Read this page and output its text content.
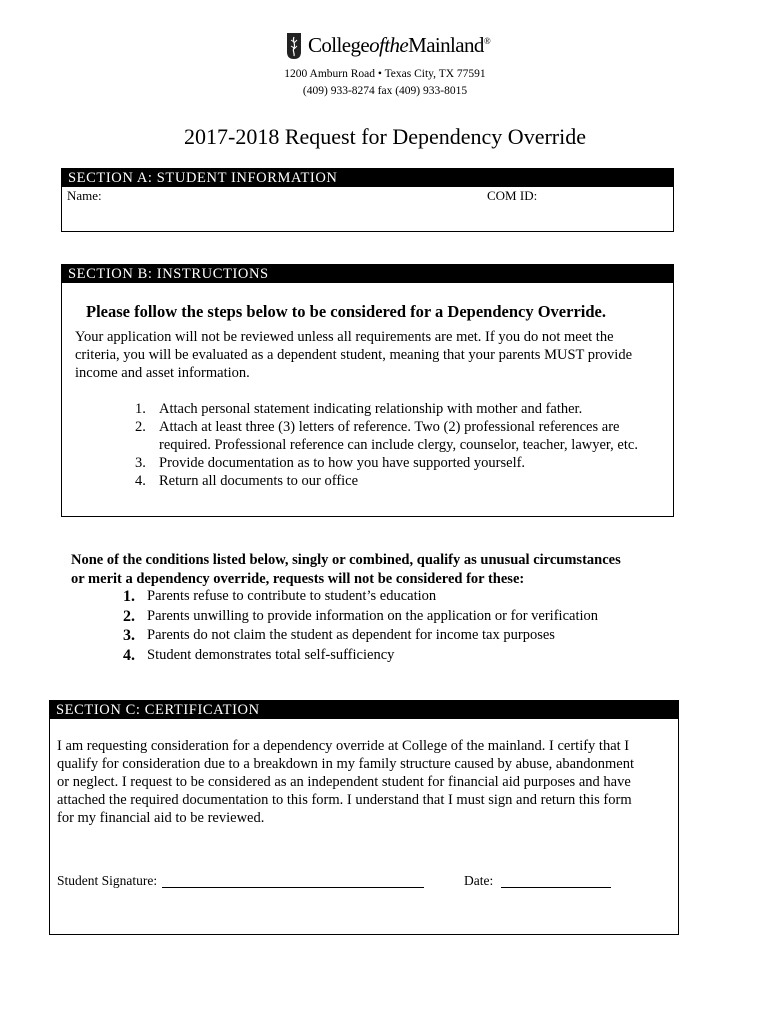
CollegeoftheMainland®
1200 Amburn Road • Texas City, TX 77591
(409) 933-8274 fax (409) 933-8015
2017-2018 Request for Dependency Override
SECTION A: STUDENT INFORMATION
Name:	COM ID:
SECTION B: INSTRUCTIONS
Please follow the steps below to be considered for a Dependency Override.
Your application will not be reviewed unless all requirements are met. If you do not meet the
criteria, you will be evaluated as a dependent student, meaning that your parents MUST provide
income and asset information.
1. Attach personal statement indicating relationship with mother and father.
2. Attach at least three (3) letters of reference. Two (2) professional references are required. Professional reference can include clergy, counselor, teacher, lawyer, etc.
3. Provide documentation as to how you have supported yourself.
4. Return all documents to our office
None of the conditions listed below, singly or combined, qualify as unusual circumstances
or merit a dependency override, requests will not be considered for these:
1. Parents refuse to contribute to student’s education
2. Parents unwilling to provide information on the application or for verification
3. Parents do not claim the student as dependent for income tax purposes
4. Student demonstrates total self-sufficiency
SECTION C: CERTIFICATION
I am requesting consideration for a dependency override at College of the mainland. I certify that I
qualify for consideration due to a breakdown in my family structure caused by abuse, abandonment
or neglect. I request to be considered as an independent student for financial aid purposes and have
attached the required documentation to this form. I understand that I must sign and return this form
for my financial aid to be reviewed.
Student Signature:	Date:
